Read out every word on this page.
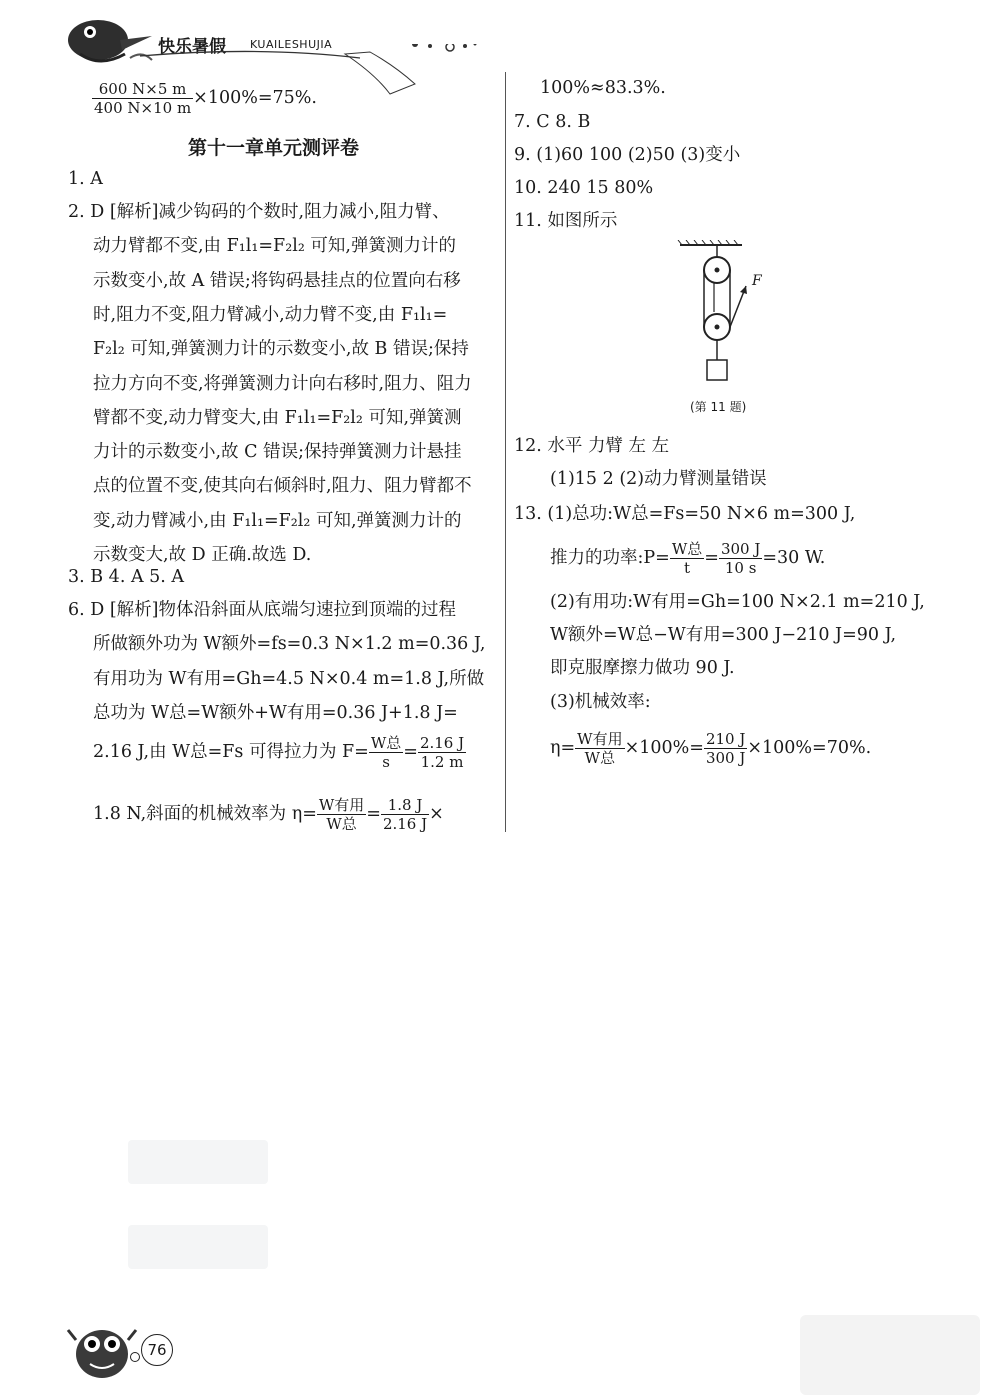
快乐暑假 KUAILESHUJIA
$\frac{600 N\times 5 m}{400 N\times 10 m} \times 100\%=75\%$.
第十一章单元测评卷
1. A
2. D [解析]减少钩码的个数时,阻力减小,阻力臂、
动力臂都不变,由 F₁l₁=F₂l₂ 可知,弹簧测力计的
示数变小,故 A 错误;将钩码悬挂点的位置向右移
时,阻力不变,阻力臂减小,动力臂不变,由 F₁l₁=
F₂l₂ 可知,弹簧测力计的示数变小,故 B 错误;保持
拉力方向不变,将弹簧测力计向右移时,阻力、阻力
臂都不变,动力臂变大,由 F₁l₁=F₂l₂ 可知,弹簧测
力计的示数变小,故 C 错误;保持弹簧测力计悬挂
点的位置不变,使其向右倾斜时,阻力、阻力臂都不
变,动力臂减小,由 F₁l₁=F₂l₂ 可知,弹簧测力计的
示数变大,故 D 正确.故选 D.
3. B 4. A 5. A
6. D [解析]物体沿斜面从底端匀速拉到顶端的过程
所做额外功为 W额外=fs=0.3 N×1.2 m=0.36 J,
有用功为 W有用=Gh=4.5 N×0.4 m=1.8 J,所做
总功为 W总=W额外+W有用=0.36 J+1.8 J=
2.16 J,由 W总=Fs 可得拉力为 $F= \frac{\text{W总}}{s} = \frac{2.16 J}{1.2 m}$
1.8 N,斜面的机械效率为 $\eta= \frac{\text{W有用}}{\text{W总}} = \frac{1.8 J}{2.16 J}$ ×
100%≈83.3%.
7. C 8. B
9. (1)60 100 (2)50 (3)变小
10. 240 15 80%
11. 如图所示
F
(第 11 题)
12. 水平 力臂 左 左
(1)15 2 (2)动力臂测量错误
13. (1)总功:W总=Fs=50 N×6 m=300 J,
推力的功率:P= $\frac{\text{W总}}{t} = \frac{300 J}{10 s} =30$ W.
(2)有用功:W有用=Gh=100 N×2.1 m=210 J,
W额外=W总−W有用=300 J−210 J=90 J,
即克服摩擦力做功 90 J.
(3)机械效率:
$\eta= \frac{\text{W有用}}{\text{W总}} \times 100\%= \frac{210 J}{300 J} \times 100\%=70\%$.
76
